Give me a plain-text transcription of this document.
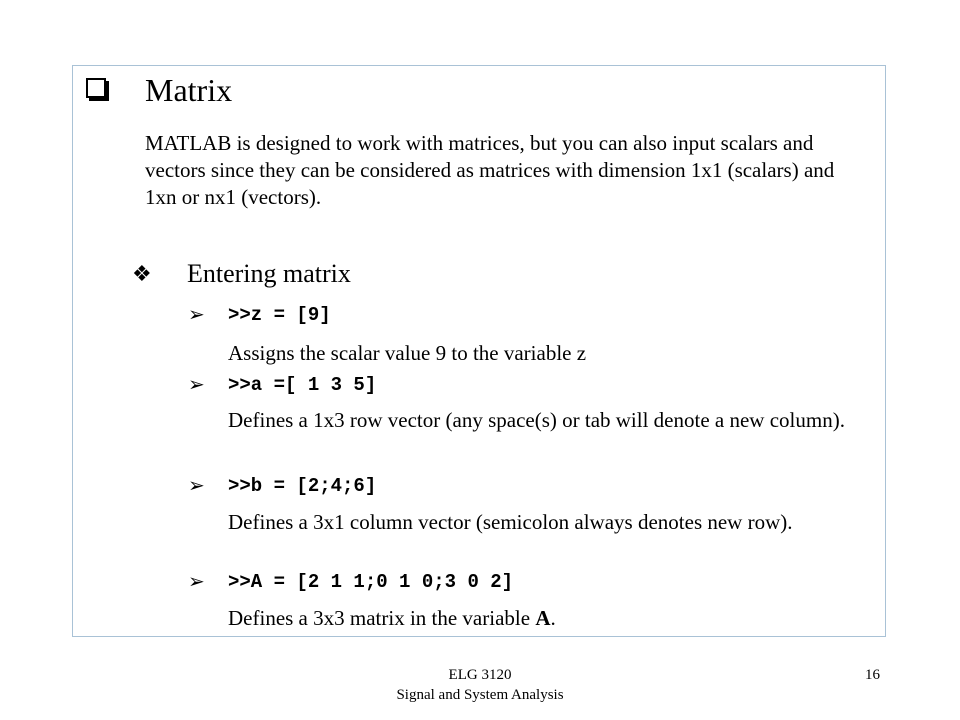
Matrix
MATLAB is designed to work with matrices, but you can also input scalars and vectors since they can be considered as matrices with dimension 1x1 (scalars) and 1xn or nx1 (vectors).
❖ Entering matrix
➢ >>z = [9]
Assigns the scalar value 9 to the variable z
➢ >>a =[ 1 3 5]
Defines a 1x3 row vector (any space(s) or tab will denote a new column).
➢ >>b = [2;4;6]
Defines a 3x1 column vector (semicolon always denotes new row).
➢ >>A = [2 1 1;0 1 0;3 0 2]
Defines a 3x3 matrix in the variable A.
ELG 3120
Signal and System Analysis
16
